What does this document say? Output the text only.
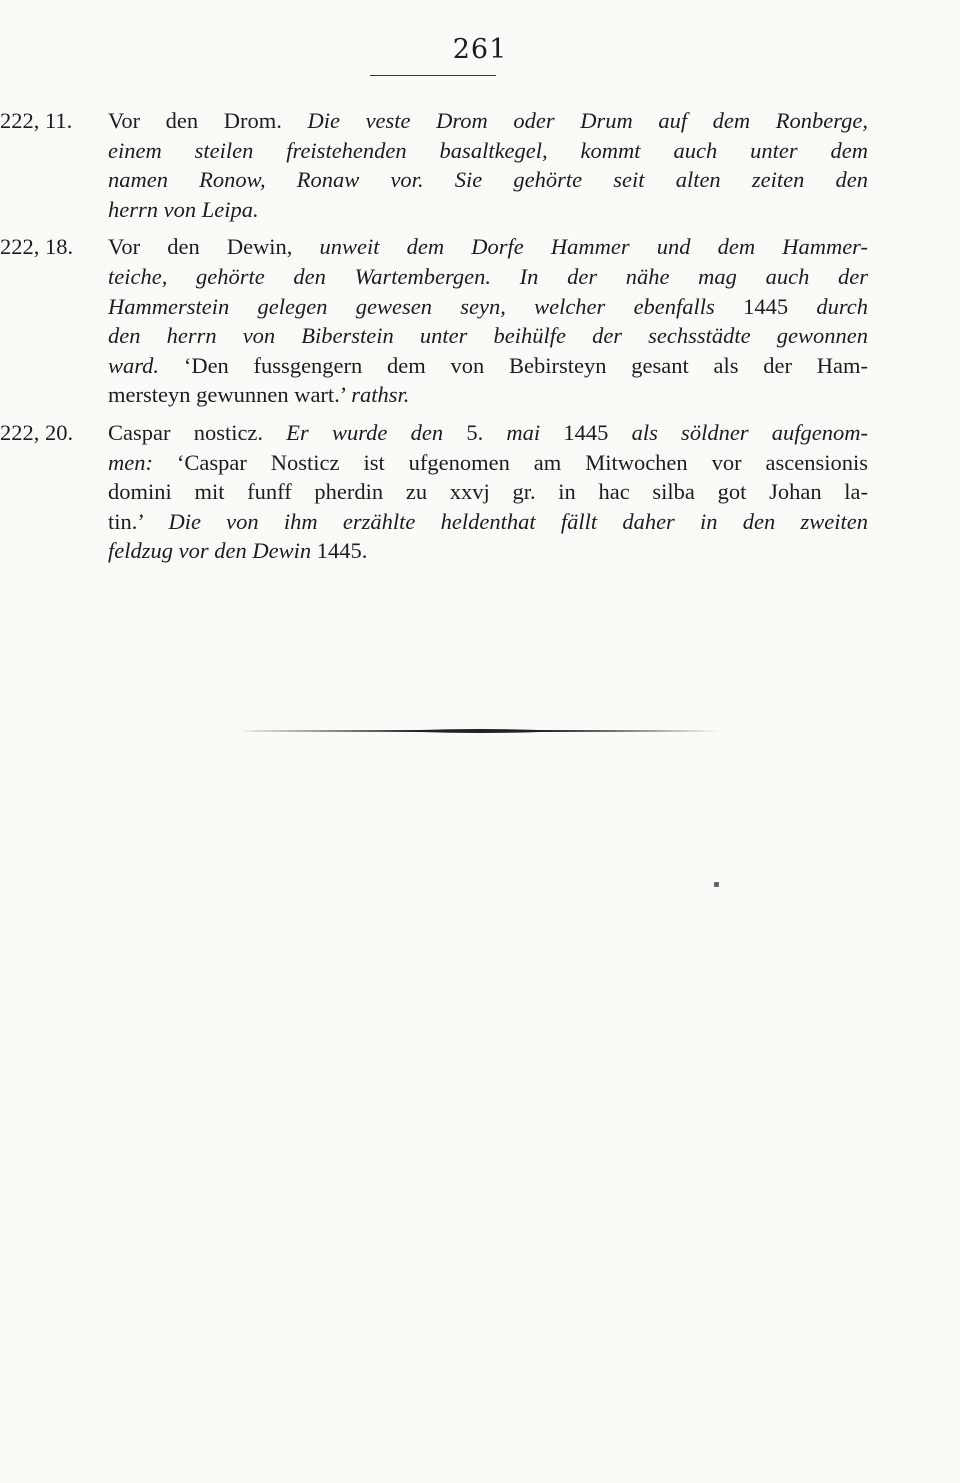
261
222, 11.	Vor den Drom. Die veste Drom oder Drum auf dem Ronberge,
einem steilen freistehenden basaltkegel, kommt auch unter dem
namen Ronow, Ronaw vor. Sie gehörte seit alten zeiten den
herrn von Leipa.
222, 18.	Vor den Dewin, unweit dem Dorfe Hammer und dem Hammer-
teiche, gehörte den Wartembergen. In der nähe mag auch der
Hammerstein gelegen gewesen seyn, welcher ebenfalls 1445 durch
den herrn von Biberstein unter beihülfe der sechsstädte gewonnen
ward. ‘Den fussgengern dem von Bebirsteyn gesant als der Ham-
mersteyn gewunnen wart.’ rathsr.
222, 20.	Caspar nosticz. Er wurde den 5. mai 1445 als söldner aufgenom-
men: ‘Caspar Nosticz ist ufgenomen am Mitwochen vor ascensionis
domini mit funff pherdin zu xxvj gr. in hac silba got Johan la-
tin.’ Die von ihm erzählte heldenthat fällt daher in den zweiten
feldzug vor den Dewin 1445.
